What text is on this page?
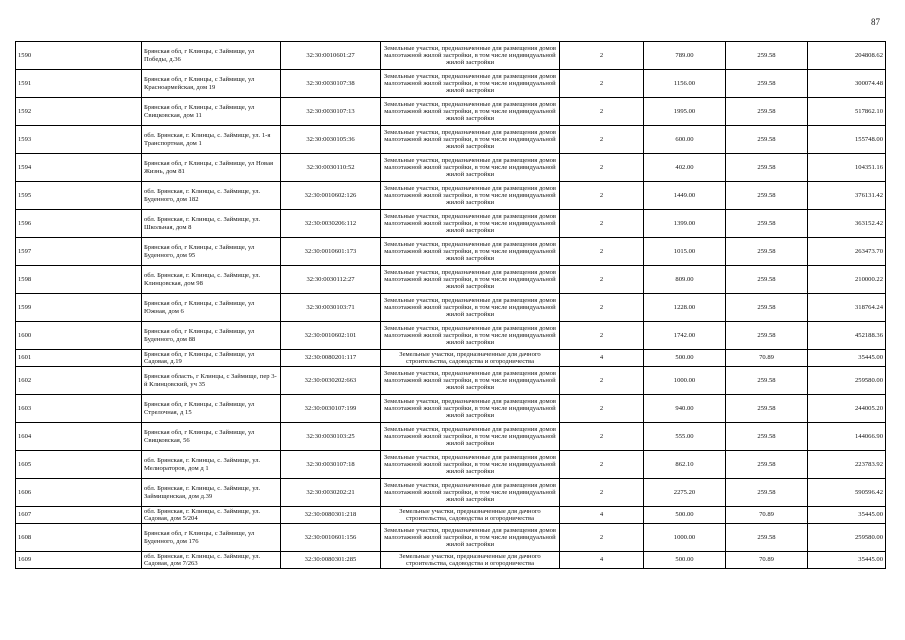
87
1590	Брянская обл, г Клинцы, с Займище, ул Победы, д.36	32:30:0010601:27	Земельные участки, предназначенные для размещения домов малоэтажной жилой застройки, в том числе индивидуальной жилой застройки	2	789.00	259.58	204808.62
1591	Брянская обл, г Клинцы, с Займище, ул Красноармейская, дом 19	32:30:0030107:38	Земельные участки, предназначенные для размещения домов малоэтажной жилой застройки, в том числе индивидуальной жилой застройки	2	1156.00	259.58	300074.48
1592	Брянская обл, г Клинцы, с Займище, ул Свицковская, дом 11	32:30:0030107:13	Земельные участки, предназначенные для размещения домов малоэтажной жилой застройки, в том числе индивидуальной жилой застройки	2	1995.00	259.58	517862.10
1593	обл. Брянская, г. Клинцы, с. Займище, ул. 1-я Транспортная, дом 1	32:30:0030105:36	Земельные участки, предназначенные для размещения домов малоэтажной жилой застройки, в том числе индивидуальной жилой застройки	2	600.00	259.58	155748.00
1594	Брянская обл, г Клинцы, с Займище, ул Новая Жизнь, дом 81	32:30:0030110:52	Земельные участки, предназначенные для размещения домов малоэтажной жилой застройки, в том числе индивидуальной жилой застройки	2	402.00	259.58	104351.16
1595	обл. Брянская, г. Клинцы, с. Займище, ул. Буденного, дом 182	32:30:0010602:126	Земельные участки, предназначенные для размещения домов малоэтажной жилой застройки, в том числе индивидуальной жилой застройки	2	1449.00	259.58	376131.42
1596	обл. Брянская, г. Клинцы, с. Займище, ул. Школьная, дом 8	32:30:0030206:112	Земельные участки, предназначенные для размещения домов малоэтажной жилой застройки, в том числе индивидуальной жилой застройки	2	1399.00	259.58	363152.42
1597	Брянская обл, г Клинцы, с Займище, ул Буденного, дом 95	32:30:0010601:173	Земельные участки, предназначенные для размещения домов малоэтажной жилой застройки, в том числе индивидуальной жилой застройки	2	1015.00	259.58	263473.70
1598	обл. Брянская, г. Клинцы, с. Займище, ул. Клинцовская, дом 98	32:30:0030112:27	Земельные участки, предназначенные для размещения домов малоэтажной жилой застройки, в том числе индивидуальной жилой застройки	2	809.00	259.58	210000.22
1599	Брянская обл, г Клинцы, с Займище, ул Южная, дом 6	32:30:0030103:71	Земельные участки, предназначенные для размещения домов малоэтажной жилой застройки, в том числе индивидуальной жилой застройки	2	1228.00	259.58	318764.24
1600	Брянская обл, г Клинцы, с Займище, ул Буденного, дом 88	32:30:0010602:101	Земельные участки, предназначенные для размещения домов малоэтажной жилой застройки, в том числе индивидуальной жилой застройки	2	1742.00	259.58	452188.36
1601	Брянская обл, г Клинцы, с Займище, ул Садовая, д.19	32:30:0080201:117	Земельные участки, предназначенные для дачного строительства, садоводства и огородничества	4	500.00	70.89	35445.00
1602	Брянская область, г Клинцы, с Займище, пер 3-й Клинцовский, уч 35	32:30:0030202:663	Земельные участки, предназначенные для размещения домов малоэтажной жилой застройки, в том числе индивидуальной жилой застройки	2	1000.00	259.58	259580.00
1603	Брянская обл, г Клинцы, с Займище, ул Стрелочная, д 15	32:30:0030107:199	Земельные участки, предназначенные для размещения домов малоэтажной жилой застройки, в том числе индивидуальной жилой застройки	2	940.00	259.58	244005.20
1604	Брянская обл, г Клинцы, с Займище, ул Свицковская, 56	32:30:0030103:25	Земельные участки, предназначенные для размещения домов малоэтажной жилой застройки, в том числе индивидуальной жилой застройки	2	555.00	259.58	144066.90
1605	обл. Брянская, г. Клинцы, с. Займище, ул. Мелиораторов, дом д 1	32:30:0030107:18	Земельные участки, предназначенные для размещения домов малоэтажной жилой застройки, в том числе индивидуальной жилой застройки	2	862.10	259.58	223783.92
1606	обл. Брянская, г. Клинцы, с. Займище, ул. Займищенская, дом д.39	32:30:0030202:21	Земельные участки, предназначенные для размещения домов малоэтажной жилой застройки, в том числе индивидуальной жилой застройки	2	2275.20	259.58	590596.42
1607	обл. Брянская, г. Клинцы, с. Займище, ул. Садовая, дом 5/204	32:30:0080301:218	Земельные участки, предназначенные для дачного строительства, садоводства и огородничества	4	500.00	70.89	35445.00
1608	Брянская обл, г Клинцы, с Займище, ул Буденного, дом 176	32:30:0010601:156	Земельные участки, предназначенные для размещения домов малоэтажной жилой застройки, в том числе индивидуальной жилой застройки	2	1000.00	259.58	259580.00
1609	обл. Брянская, г. Клинцы, с. Займище, ул. Садовая, дом 7/263	32:30:0080301:285	Земельные участки, предназначенные для дачного строительства, садоводства и огородничества	4	500.00	70.89	35445.00
